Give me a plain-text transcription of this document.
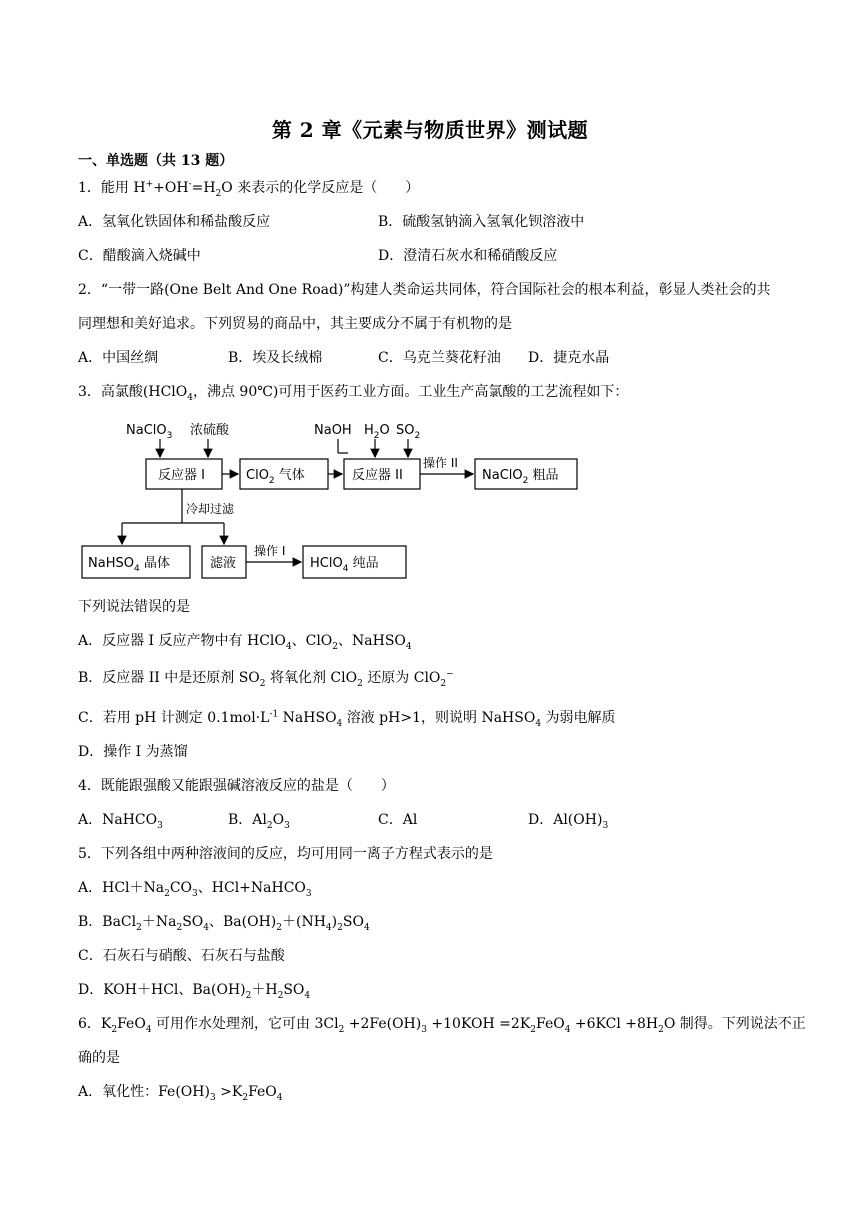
第 2 章《元素与物质世界》测试题
一、单选题（共 13 题）
1．能用 $H^++OH^-=H_2O$ 来表示的化学反应是（　　）
A．氢氧化铁固体和稀盐酸反应	B．硫酸氢钠滴入氢氧化钡溶液中
C．醋酸滴入烧碱中	D．澄清石灰水和稀硝酸反应
2．“一带一路(One Belt And One Road)”构建人类命运共同体，符合国际社会的根本利益，彰显人类社会的共
同理想和美好追求。下列贸易的商品中，其主要成分不属于有机物的是
A．中国丝绸	B．埃及长绒棉	C．乌克兰葵花籽油 D．捷克水晶
3．高氯酸(HClO$_4$，沸点 90℃)可用于医药工业方面。工业生产高氯酸的工艺流程如下：
NaClO$_3$ 浓硫酸
反应器 I	ClO$_2$ 气体
NaOH $H_2O$ $SO_2$
反应器 II
操作 II
NaClO$_2$ 粗品
冷却过滤
NaHSO$_4$ 晶体	滤液
操作 I
HClO$_4$ 纯品
下列说法错误的是
A．反应器 I 反应产物中有 HClO$_4$、ClO$_2$、NaHSO$_4$
B．反应器 II 中是还原剂 $SO_2$ 将氧化剂 ClO$_2$ 还原为 ClO$_2$−
C．若用 pH 计测定 $0.1mol\cdot L^{-1}$ NaHSO$_4$ 溶液 pH>1，则说明 NaHSO$_4$ 为弱电解质
D．操作 I 为蒸馏
4．既能跟强酸又能跟强碱溶液反应的盐是（　　）
A．NaHCO$_3$	B．$Al_2O_3$	C．Al	D．$Al(OH)_3$
5．下列各组中两种溶液间的反应，均可用同一离子方程式表示的是
A．$HCl+Na_2CO_3$、HCl+NaHCO$_3$
B．$BaCl_2+Na_2SO_4$、$Ba(OH)_2+(NH_4)_2SO_4$
C．石灰石与硝酸、石灰石与盐酸
D．KOH＋HCl、$Ba(OH)_2+H_2SO_4$
6．$K_2FeO_4$ 可用作水处理剂，它可由 $3Cl_2 +2Fe(OH)_3 +10KOH =2K_2FeO_4 +6KCl +8H_2O$ 制得。下列说法不正
确的是
A．氧化性：$Fe(OH)_3 >K_2FeO_4$
